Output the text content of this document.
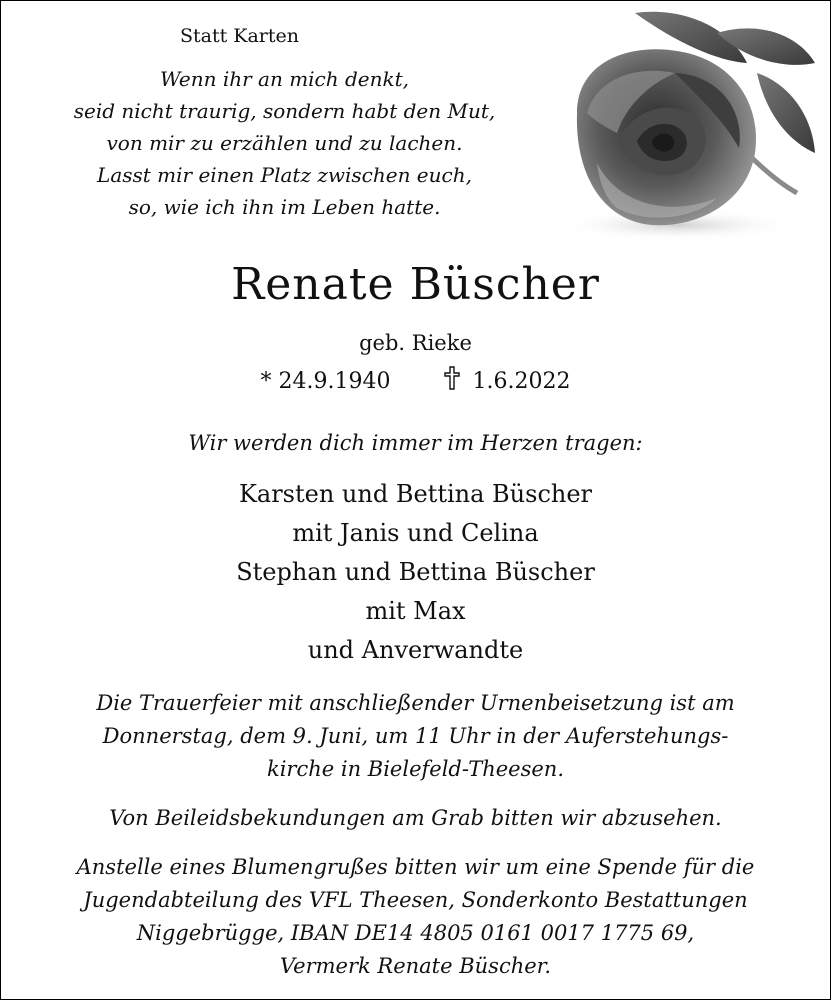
Statt Karten
Wenn ihr an mich denkt,
seid nicht traurig, sondern habt den Mut,
von mir zu erzählen und zu lachen.
Lasst mir einen Platz zwischen euch,
so, wie ich ihn im Leben hatte.
Renate Büscher
geb. Rieke
* 24.9.1940	1.6.2022
Wir werden dich immer im Herzen tragen:
Karsten und Bettina Büscher
mit Janis und Celina
Stephan und Bettina Büscher
mit Max
und Anverwandte
Die Trauerfeier mit anschließender Urnenbeisetzung ist am
Donnerstag, dem 9. Juni, um 11 Uhr in der Auferstehungs-
kirche in Bielefeld-Theesen.
Von Beileidsbekundungen am Grab bitten wir abzusehen.
Anstelle eines Blumengrußes bitten wir um eine Spende für die
Jugendabteilung des VFL Theesen, Sonderkonto Bestattungen
Niggebrügge, IBAN DE14 4805 0161 0017 1775 69,
Vermerk Renate Büscher.
